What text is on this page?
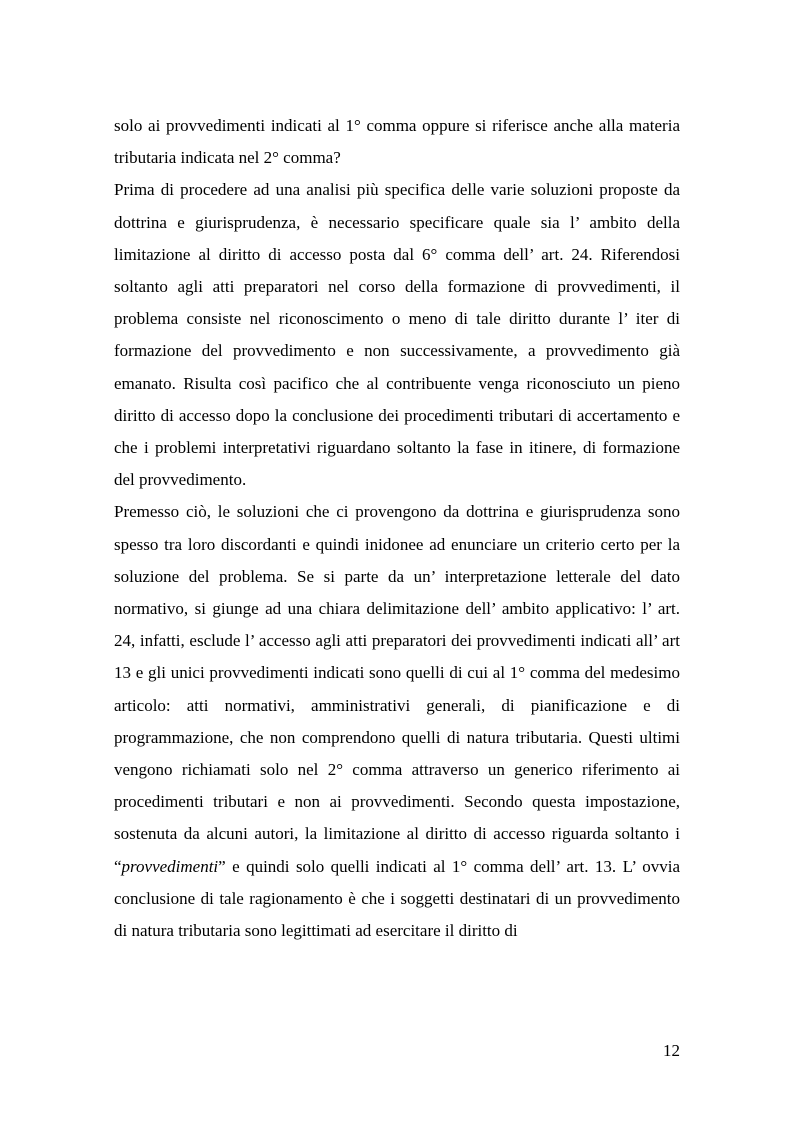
solo ai provvedimenti indicati al 1° comma oppure si riferisce anche alla materia tributaria indicata nel 2° comma?

Prima di procedere ad una analisi più specifica delle varie soluzioni proposte da dottrina e giurisprudenza, è necessario specificare quale sia l’ ambito della limitazione al diritto di accesso posta dal 6° comma dell’ art. 24. Riferendosi soltanto agli atti preparatori nel corso della formazione di provvedimenti, il problema consiste nel riconoscimento o meno di tale diritto durante l’ iter di formazione del provvedimento e non successivamente, a provvedimento già emanato. Risulta così pacifico che al contribuente venga riconosciuto un pieno diritto di accesso dopo la conclusione dei procedimenti tributari di accertamento e che i problemi interpretativi riguardano soltanto la fase in itinere, di formazione del provvedimento.

Premesso ciò, le soluzioni che ci provengono da dottrina e giurisprudenza sono spesso tra loro discordanti e quindi inidonee ad enunciare un criterio certo per la soluzione del problema. Se si parte da un’ interpretazione letterale del dato normativo, si giunge ad una chiara delimitazione dell’ ambito applicativo: l’ art. 24, infatti, esclude l’ accesso agli atti preparatori dei provvedimenti indicati all’ art 13 e gli unici provvedimenti indicati sono quelli di cui al 1° comma del medesimo articolo: atti normativi, amministrativi generali, di pianificazione e di programmazione, che non comprendono quelli di natura tributaria. Questi ultimi vengono richiamati solo nel 2° comma attraverso un generico riferimento ai procedimenti tributari e non ai provvedimenti. Secondo questa impostazione, sostenuta da alcuni autori, la limitazione al diritto di accesso riguarda soltanto i “provvedimenti” e quindi solo quelli indicati al 1° comma dell’ art. 13. L’ ovvia conclusione di tale ragionamento è che i soggetti destinatari di un provvedimento di natura tributaria sono legittimati ad esercitare il diritto di

12
